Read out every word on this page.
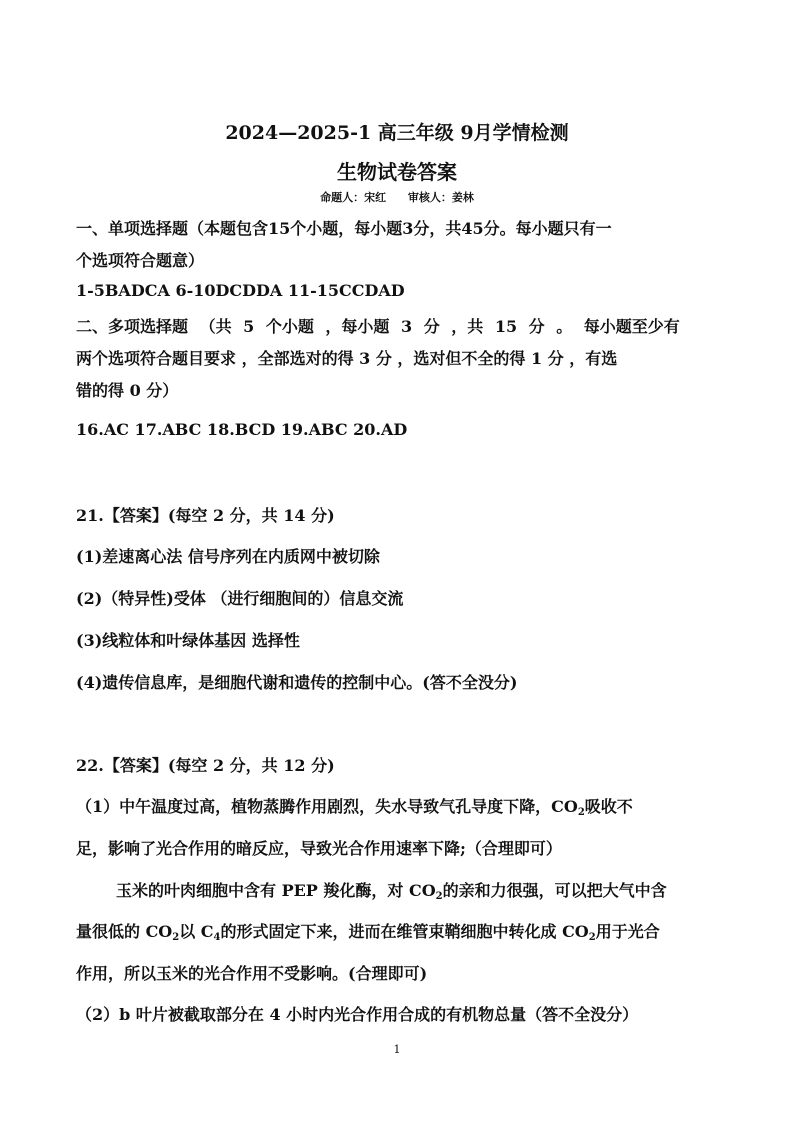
2024—2025-1 高三年级 9月学情检测
生物试卷答案
命题人：宋红 审核人：姜林
一、单项选择题（本题包含15个小题，每小题3分，共45分。每小题只有一
个选项符合题意）
1-5BADCA 6-10DCDDA 11-15CCDAD
二、多项选择题 （共 5 个小题 ，每小题 3 分 ，共 15 分 。 每小题至少有
两个选项符合题目要求 ，全部选对的得 3 分 ，选对但不全的得 1 分 ，有选
错的得 0 分）
16.AC 17.ABC 18.BCD 19.ABC 20.AD
21.【答案】(每空 2 分，共 14 分)
(1)差速离心法 信号序列在内质网中被切除
(2)（特异性)受体 （进行细胞间的）信息交流
(3)线粒体和叶绿体基因 选择性
(4)遗传信息库，是细胞代谢和遗传的控制中心。(答不全没分)
22.【答案】(每空 2 分，共 12 分)
（1）中午温度过高，植物蒸腾作用剧烈，失水导致气孔导度下降，$CO_2$吸收不
足，影响了光合作用的暗反应，导致光合作用速率下降;（合理即可）
玉米的叶肉细胞中含有 PEP 羧化酶，对 $CO_2$的亲和力很强，可以把大气中含
量很低的 $CO_2$以 $C_4$的形式固定下来，进而在维管束鞘细胞中转化成 $CO_2$用于光合
作用，所以玉米的光合作用不受影响。(合理即可)
（2）b 叶片被截取部分在 4 小时内光合作用合成的有机物总量（答不全没分）
1
